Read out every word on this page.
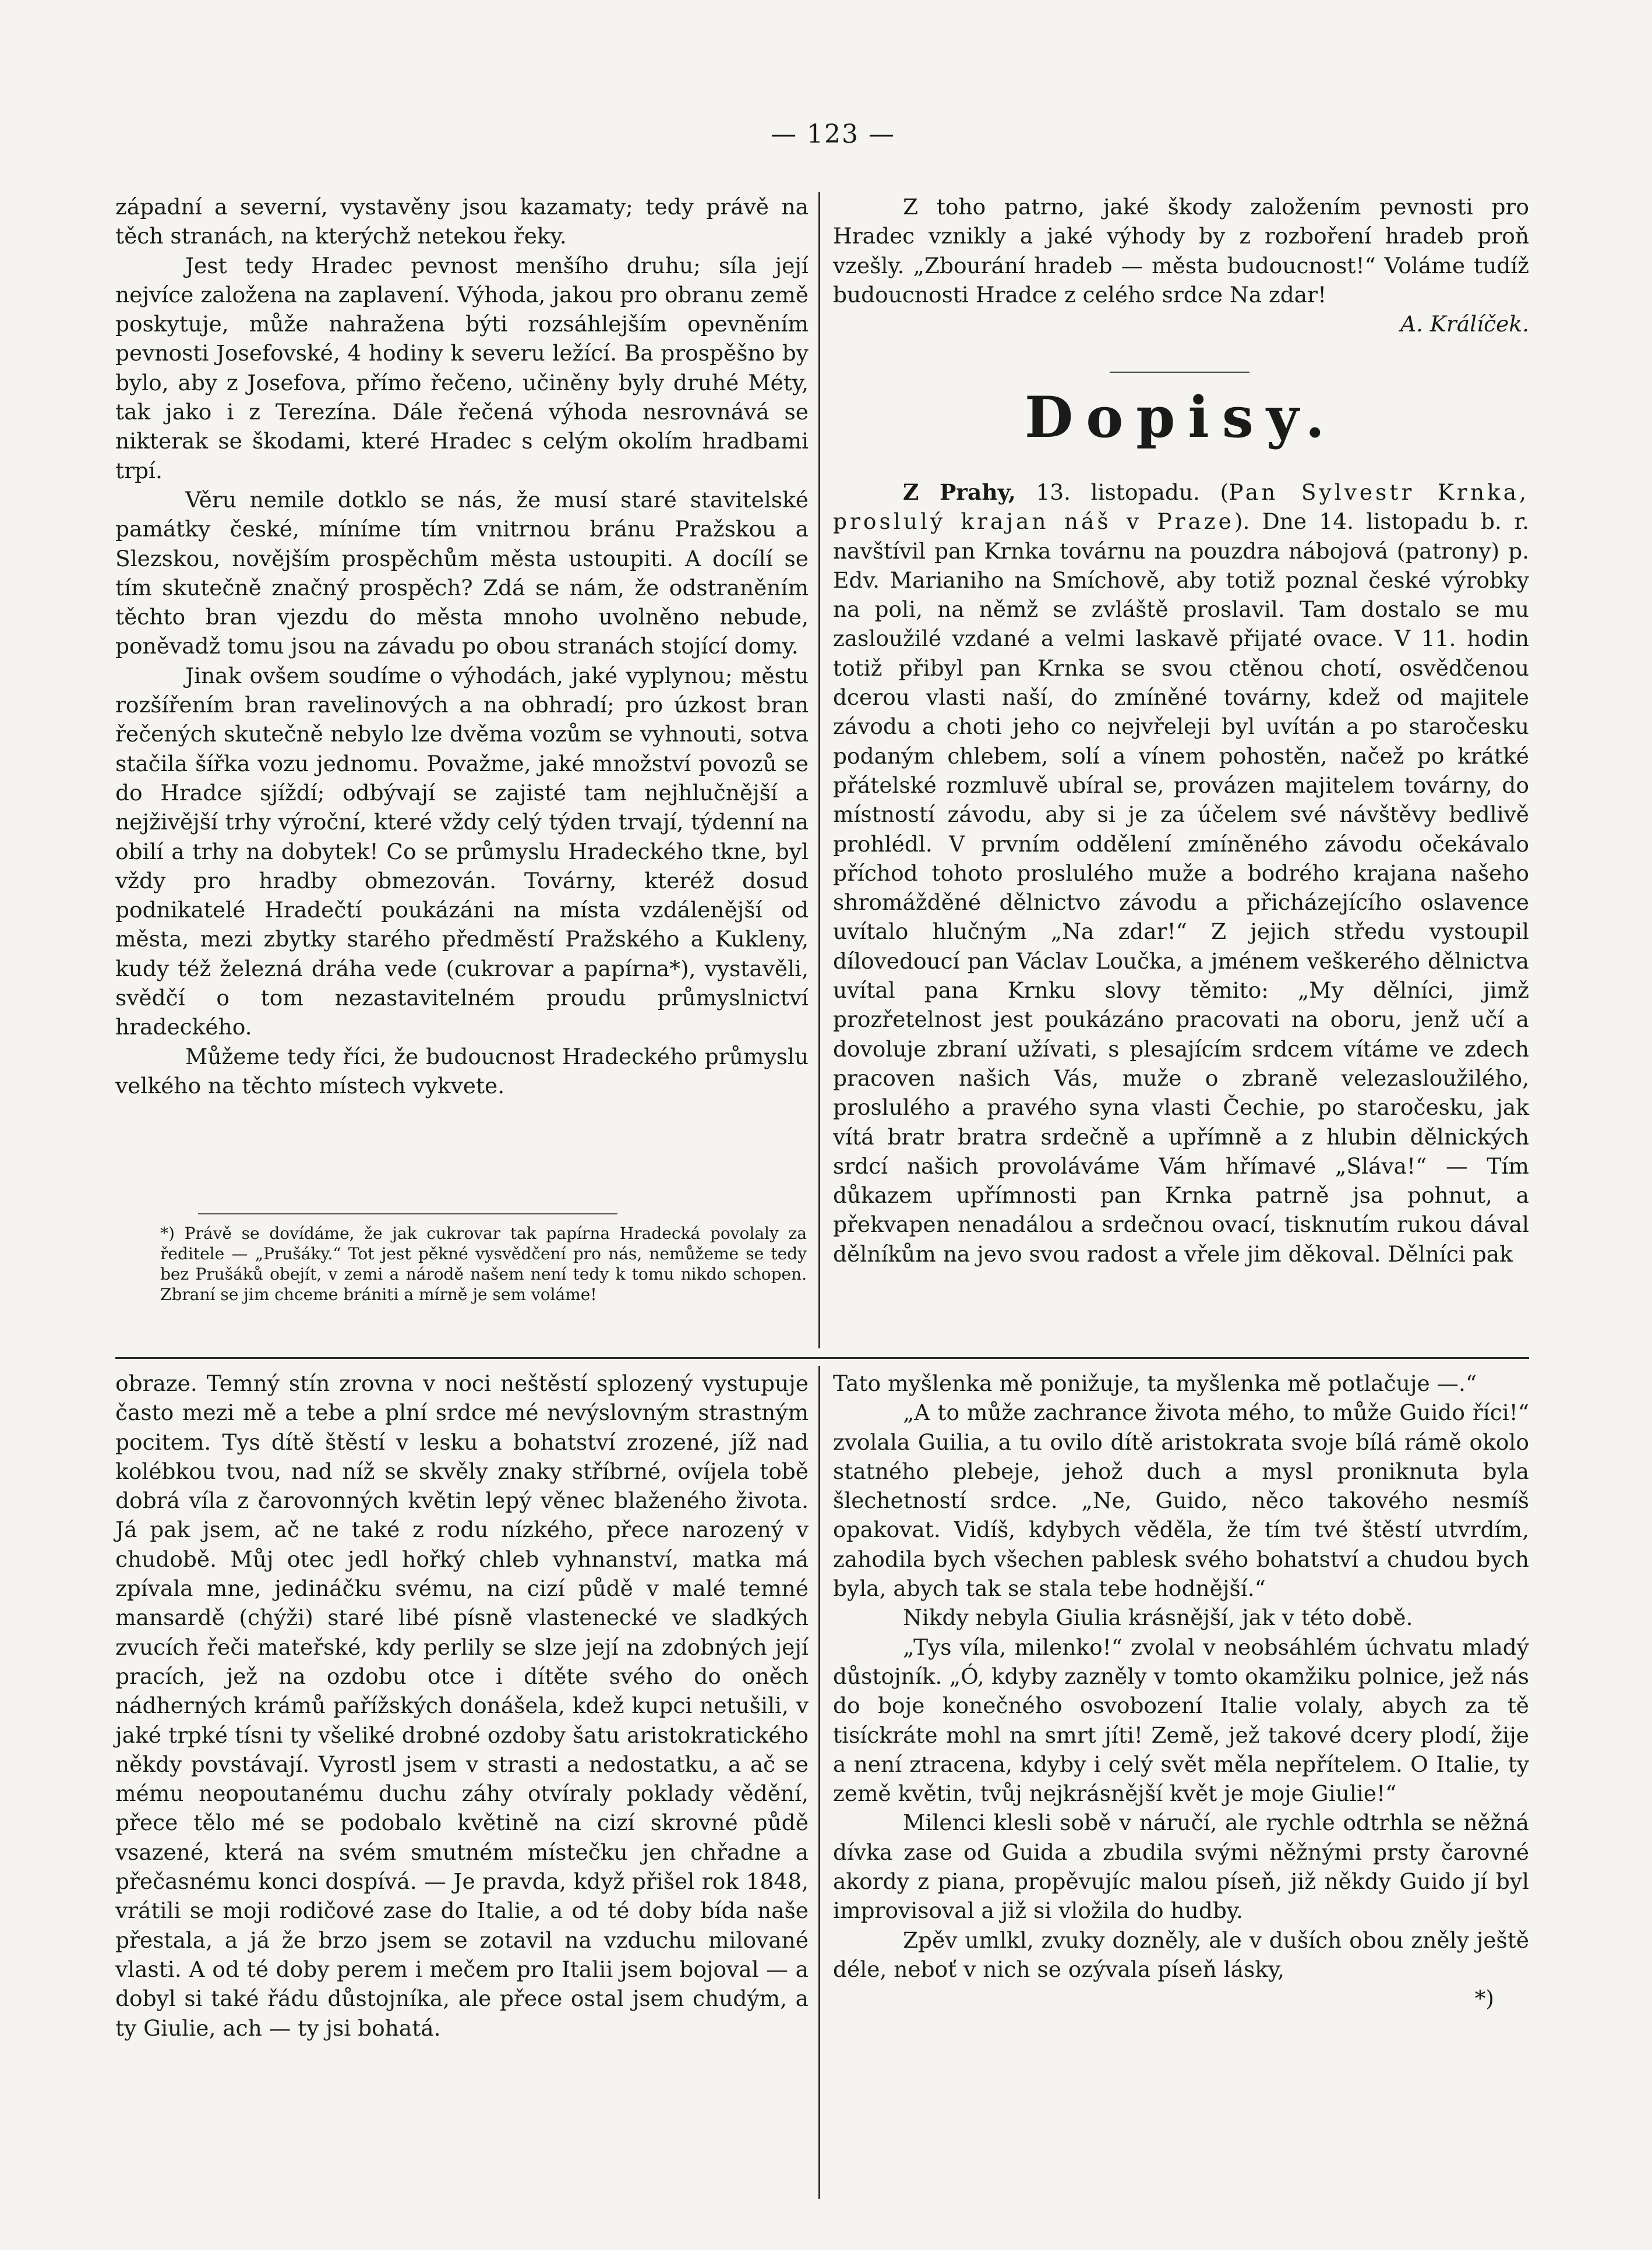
— 123 —

západní a severní, vystavěny jsou kazamaty; tedy právě na těch stranách, na kterýchž netekou řeky.

Jest tedy Hradec pevnost menšího druhu; síla její nejvíce založena na zaplavení. Výhoda, jakou pro obranu země poskytuje, může nahražena býti rozsáhlejším opevněním pevnosti Josefovské, 4 hodiny k severu ležící. Ba prospěšno by bylo, aby z Josefova, přímo řečeno, učiněny byly druhé Méty, tak jako i z Terezína. Dále řečená výhoda nesrovnává se nikterak se škodami, které Hradec s celým okolím hradbami trpí.

Věru nemile dotklo se nás, že musí staré stavitelské památky české, míníme tím vnitrnou bránu Pražskou a Slezskou, novějším prospěchům města ustoupiti. A docílí se tím skutečně značný prospěch? Zdá se nám, že odstraněním těchto bran vjezdu do města mnoho uvolněno nebude, poněvadž tomu jsou na závadu po obou stranách stojící domy.

Jinak ovšem soudíme o výhodách, jaké vyplynou; městu rozšířením bran ravelinových a na obhradí; pro úzkost bran řečených skutečně nebylo lze dvěma vozům se vyhnouti, sotva stačila šířka vozu jednomu. Považme, jaké množství povozů se do Hradce sjíždí; odbývají se zajisté tam nejhlučnější a nejživější trhy výroční, které vždy celý týden trvají, týdenní na obilí a trhy na dobytek! Co se průmyslu Hradeckého tkne, byl vždy pro hradby obmezován. Továrny, kteréž dosud podnikatelé Hradečtí poukázáni na místa vzdálenější od města, mezi zbytky starého předměstí Pražského a Kukleny, kudy též železná dráha vede (cukrovar a papírna*), vystavěli, svědčí o tom nezastavitelném proudu průmyslnictví hradeckého.

Můžeme tedy říci, že budoucnost Hradeckého průmyslu velkého na těchto místech vykvete.

*) Právě se dovídáme, že jak cukrovar tak papírna Hradecká povolaly za ředitele — „Prušáky.“ Tot jest pěkné vysvědčení pro nás, nemůžeme se tedy bez Prušáků obejít, v zemi a národě našem není tedy k tomu nikdo schopen. Zbraní se jim chceme brániti a mírně je sem voláme!

Z toho patrno, jaké škody založením pevnosti pro Hradec vznikly a jaké výhody by z rozboření hradeb proň vzešly. „Zbourání hradeb — města budoucnost!“ Voláme tudíž budoucnosti Hradce z celého srdce Na zdar!

A. Králíček.

Dopisy.

Z Prahy, 13. listopadu. (Pan Sylvestr Krnka, proslulý krajan náš v Praze). Dne 14. listopadu b. r. navštívil pan Krnka továrnu na pouzdra nábojová (patrony) p. Edv. Marianiho na Smíchově, aby totiž poznal české výrobky na poli, na němž se zvláště proslavil. Tam dostalo se mu zasloužilé vzdané a velmi laskavě přijaté ovace. V 11. hodin totiž přibyl pan Krnka se svou ctěnou chotí, osvědčenou dcerou vlasti naší, do zmíněné továrny, kdež od majitele závodu a choti jeho co nejvřeleji byl uvítán a po staročesku podaným chlebem, solí a vínem pohostěn, načež po krátké přátelské rozmluvě ubíral se, provázen majitelem továrny, do místností závodu, aby si je za účelem své návštěvy bedlivě prohlédl. V prvním oddělení zmíněného závodu očekávalo příchod tohoto proslulého muže a bodrého krajana našeho shromážděné dělnictvo závodu a přicházejícího oslavence uvítalo hlučným „Na zdar!“ Z jejich středu vystoupil dílovedoucí pan Václav Loučka, a jménem veškerého dělnictva uvítal pana Krnku slovy těmito: „My dělníci, jimž prozřetelnost jest poukázáno pracovati na oboru, jenž učí a dovoluje zbraní užívati, s plesajícím srdcem vítáme ve zdech pracoven našich Vás, muže o zbraně velezasloužilého, proslulého a pravého syna vlasti Čechie, po staročesku, jak vítá bratr bratra srdečně a upřímně a z hlubin dělnických srdcí našich provoláváme Vám hřímavé „Sláva!“ — Tím důkazem upřímnosti pan Krnka patrně jsa pohnut, a překvapen nenadálou a srdečnou ovací, tisknutím rukou dával dělníkům na jevo svou radost a vřele jim děkoval. Dělníci pak

obraze. Temný stín zrovna v noci neštěstí splozený vystupuje často mezi mě a tebe a plní srdce mé nevýslovným strastným pocitem. Tys dítě štěstí v lesku a bohatství zrozené, jíž nad kolébkou tvou, nad níž se skvěly znaky stříbrné, ovíjela tobě dobrá víla z čarovonných květin lepý věnec blaženého života. Já pak jsem, ač ne také z rodu nízkého, přece narozený v chudobě. Můj otec jedl hořký chleb vyhnanství, matka má zpívala mne, jedináčku svému, na cizí půdě v malé temné mansardě (chýži) staré libé písně vlastenecké ve sladkých zvucích řeči mateřské, kdy perlily se slze její na zdobných její pracích, jež na ozdobu otce i dítěte svého do oněch nádherných krámů pařížských donášela, kdež kupci netušili, v jaké trpké tísni ty všeliké drobné ozdoby šatu aristokratického někdy povstávají. Vyrostl jsem v strasti a nedostatku, a ač se mému neopoutanému duchu záhy otvíraly poklady vědění, přece tělo mé se podobalo květině na cizí skrovné půdě vsazené, která na svém smutném místečku jen chřadne a přečasnému konci dospívá. — Je pravda, když přišel rok 1848, vrátili se moji rodičové zase do Italie, a od té doby bída naše přestala, a já že brzo jsem se zotavil na vzduchu milované vlasti. A od té doby perem i mečem pro Italii jsem bojoval — a dobyl si také řádu důstojníka, ale přece ostal jsem chudým, a ty Giulie, ach — ty jsi bohatá.

Tato myšlenka mě ponižuje, ta myšlenka mě potlačuje —.“

„A to může zachrance života mého, to může Guido říci!“ zvolala Guilia, a tu ovilo dítě aristokrata svoje bílá rámě okolo statného plebeje, jehož duch a mysl proniknuta byla šlechetností srdce. „Ne, Guido, něco takového nesmíš opakovat. Vidíš, kdybych věděla, že tím tvé štěstí utvrdím, zahodila bych všechen pablesk svého bohatství a chudou bych byla, abych tak se stala tebe hodnější.“

Nikdy nebyla Giulia krásnější, jak v této době.

„Tys víla, milenko!“ zvolal v neobsáhlém úchvatu mladý důstojník. „Ó, kdyby zazněly v tomto okamžiku polnice, jež nás do boje konečného osvobození Italie volaly, abych za tě tisíckráte mohl na smrt jíti! Země, jež takové dcery plodí, žije a není ztracena, kdyby i celý svět měla nepřítelem. O Italie, ty země květin, tvůj nejkrásnější květ je moje Giulie!“

Milenci klesli sobě v náručí, ale rychle odtrhla se něžná dívka zase od Guida a zbudila svými něžnými prsty čarovné akordy z piana, propěvujíc malou píseň, již někdy Guido jí byl improvisoval a již si vložila do hudby.

Zpěv umlkl, zvuky dozněly, ale v duších obou zněly ještě déle, neboť v nich se ozývala píseň lásky,

*)
